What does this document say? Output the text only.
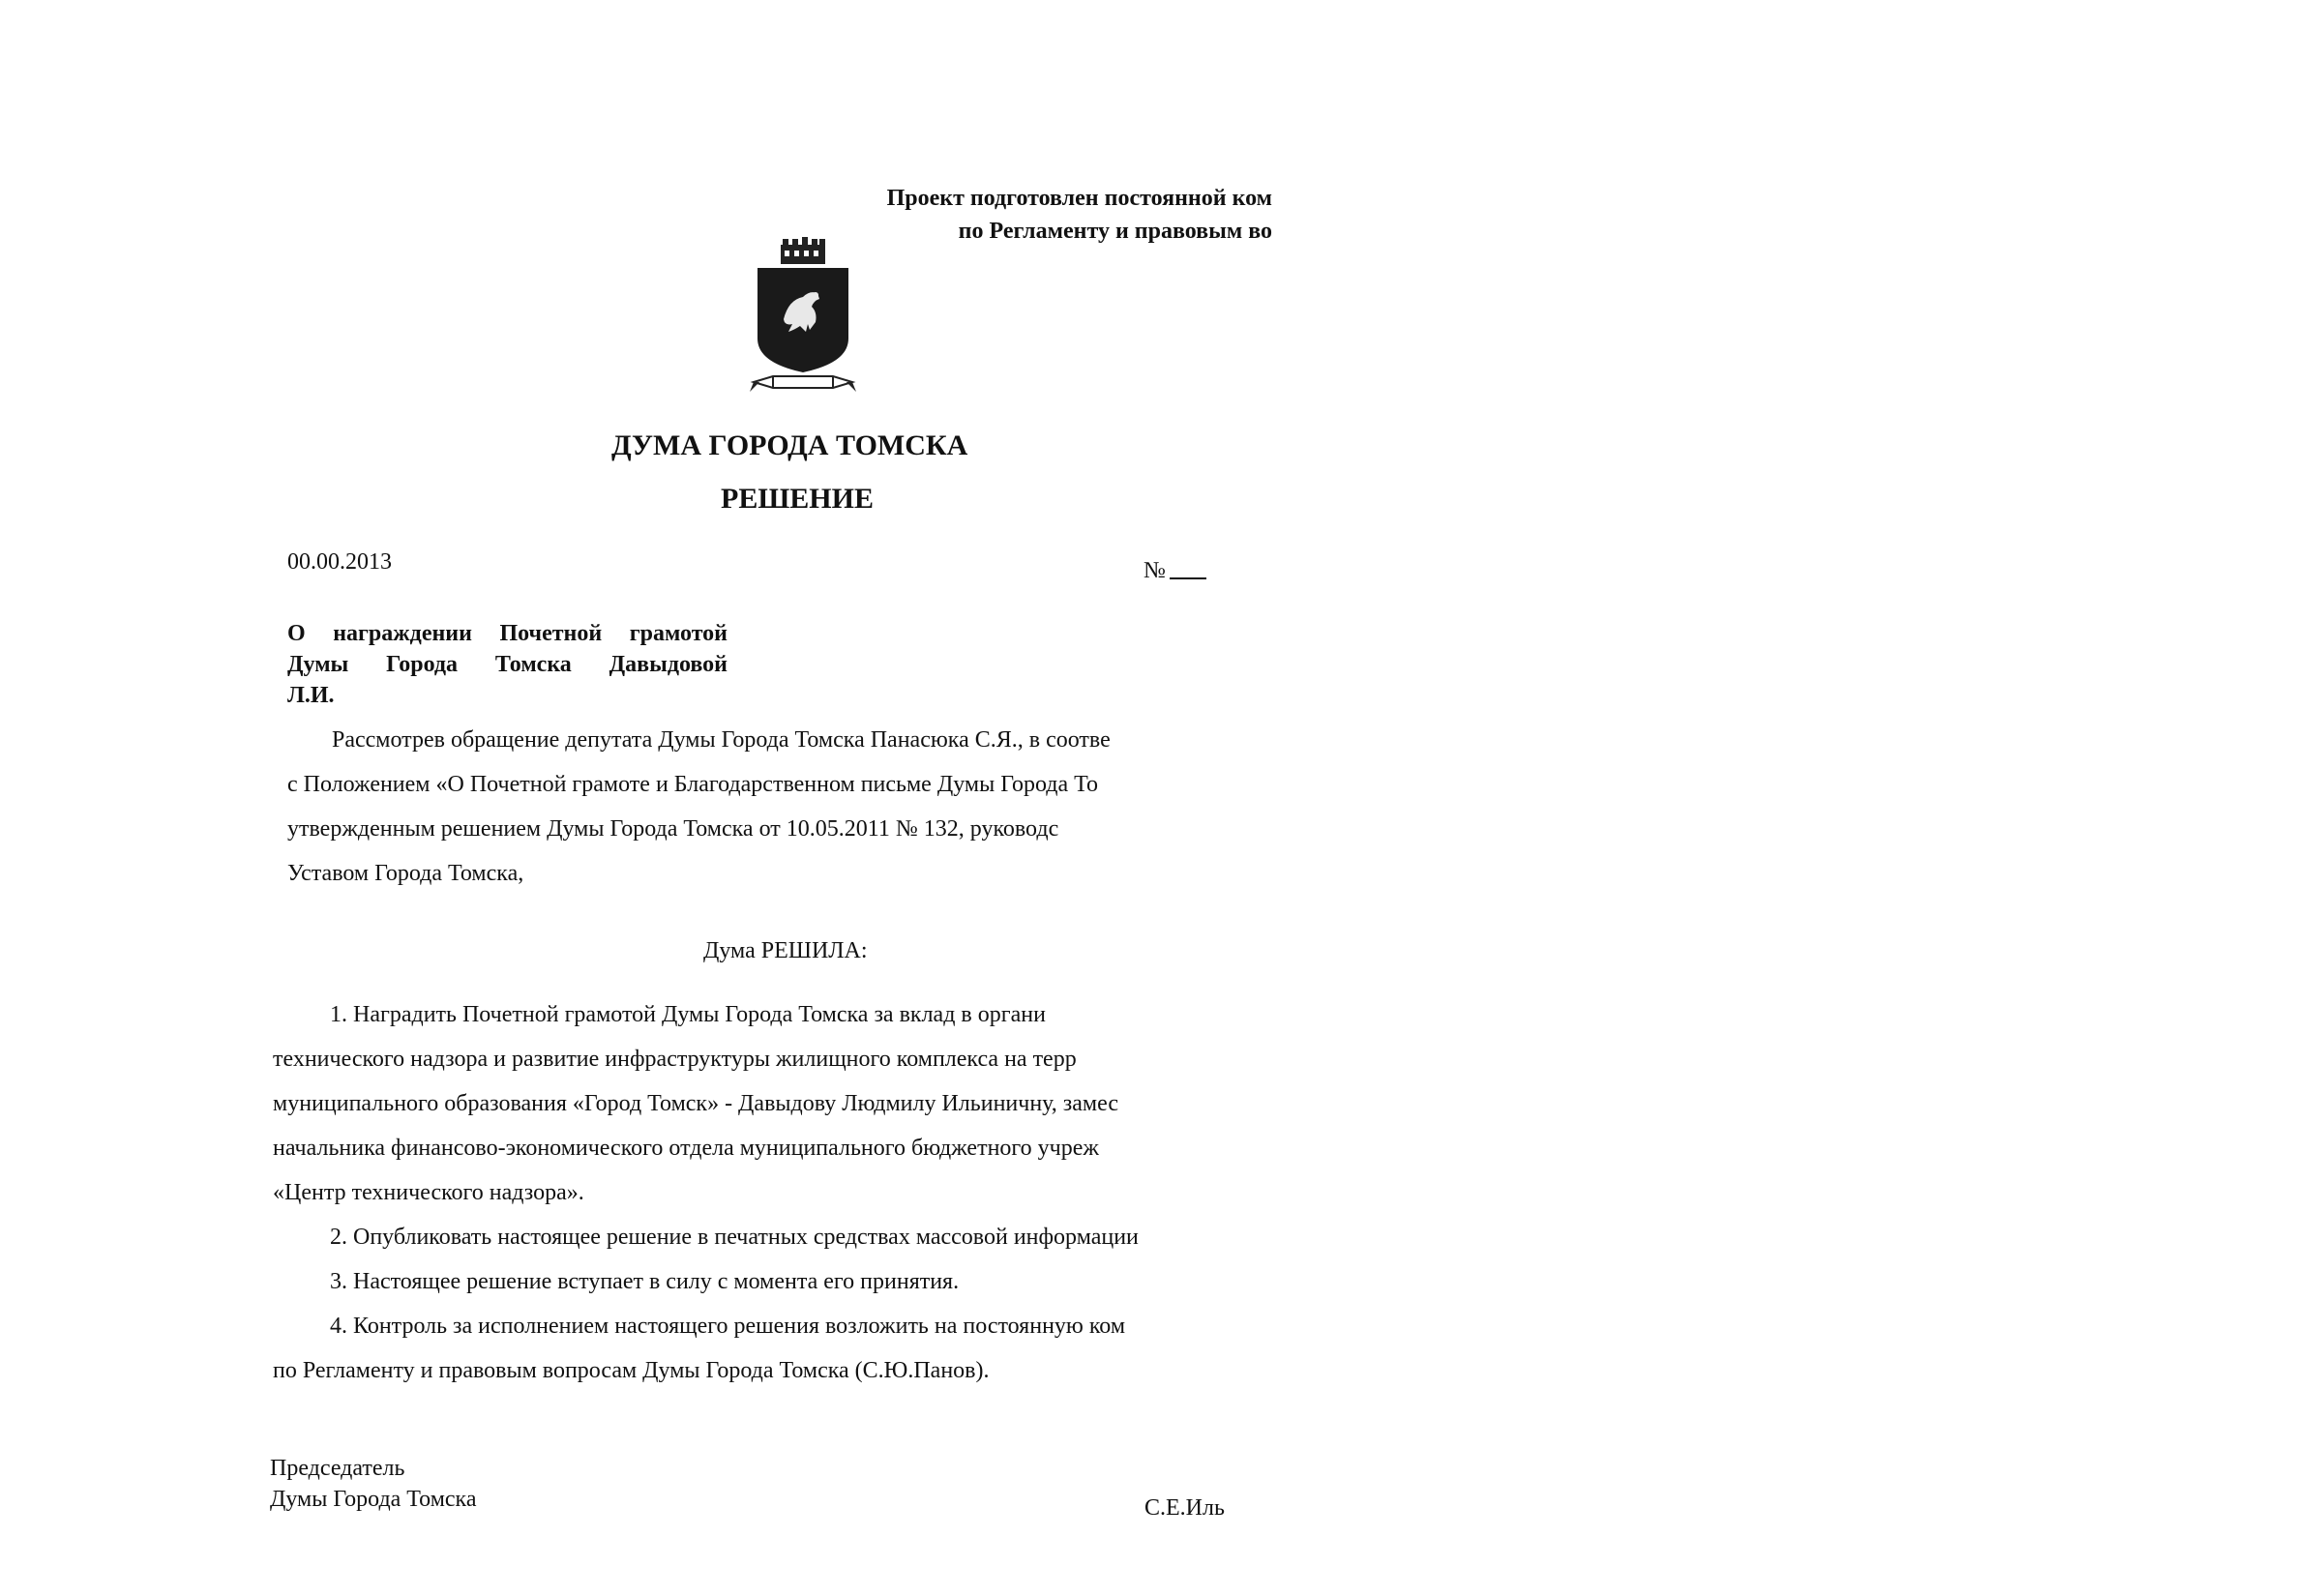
Проект подготовлен постоянной ком
по Регламенту и правовым во
ДУМА ГОРОДА ТОМСКА
РЕШЕНИЕ
00.00.2013	№
О награждении Почетной грамотой
Думы Города Томска Давыдовой
Л.И.
Рассмотрев обращение депутата Думы Города Томска Панасюка С.Я., в соотве
с Положением «О Почетной грамоте и Благодарственном письме Думы Города То
утвержденным решением Думы Города Томска от 10.05.2011 № 132, руководс
Уставом Города Томска,
Дума РЕШИЛА:
1. Наградить Почетной грамотой Думы Города Томска за вклад в органи
технического надзора и развитие инфраструктуры жилищного комплекса на терр
муниципального образования «Город Томск» - Давыдову Людмилу Ильиничну, замес
начальника финансово-экономического отдела муниципального бюджетного учреж
«Центр технического надзора».
2. Опубликовать настоящее решение в печатных средствах массовой информации
3. Настоящее решение вступает в силу с момента его принятия.
4. Контроль за исполнением настоящего решения возложить на постоянную ком
по Регламенту и правовым вопросам Думы Города Томска (С.Ю.Панов).
Председатель
Думы Города Томска	С.Е.Иль
